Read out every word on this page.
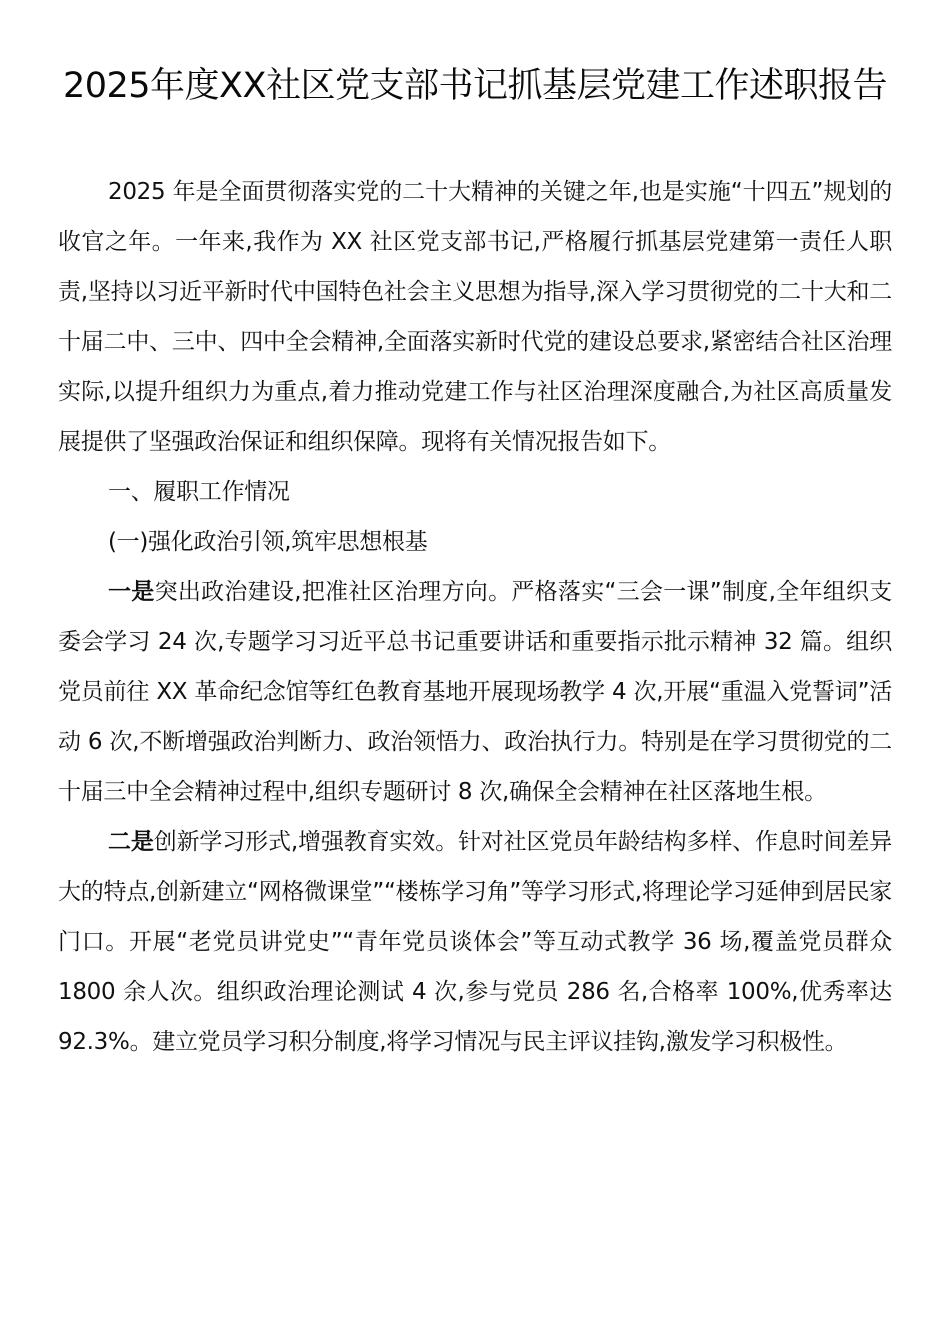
2025年度XX社区党支部书记抓基层党建工作述职报告

2025 年是全面贯彻落实党的二十大精神的关键之年,也是实施“十四五”规划的收官之年。一年来,我作为 XX 社区党支部书记,严格履行抓基层党建第一责任人职责,坚持以习近平新时代中国特色社会主义思想为指导,深入学习贯彻党的二十大和二十届二中、三中、四中全会精神,全面落实新时代党的建设总要求,紧密结合社区治理实际,以提升组织力为重点,着力推动党建工作与社区治理深度融合,为社区高质量发展提供了坚强政治保证和组织保障。现将有关情况报告如下。

一、履职工作情况

(一)强化政治引领,筑牢思想根基

一是突出政治建设,把准社区治理方向。严格落实“三会一课”制度,全年组织支委会学习 24 次,专题学习习近平总书记重要讲话和重要指示批示精神 32 篇。组织党员前往 XX 革命纪念馆等红色教育基地开展现场教学 4 次,开展“重温入党誓词”活动 6 次,不断增强政治判断力、政治领悟力、政治执行力。特别是在学习贯彻党的二十届三中全会精神过程中,组织专题研讨 8 次,确保全会精神在社区落地生根。

二是创新学习形式,增强教育实效。针对社区党员年龄结构多样、作息时间差异大的特点,创新建立“网格微课堂”“楼栋学习角”等学习形式,将理论学习延伸到居民家门口。开展“老党员讲党史”“青年党员谈体会”等互动式教学 36 场,覆盖党员群众 1800 余人次。组织政治理论测试 4 次,参与党员 286 名,合格率 100%,优秀率达 92.3%。建立党员学习积分制度,将学习情况与民主评议挂钩,激发学习积极性。
